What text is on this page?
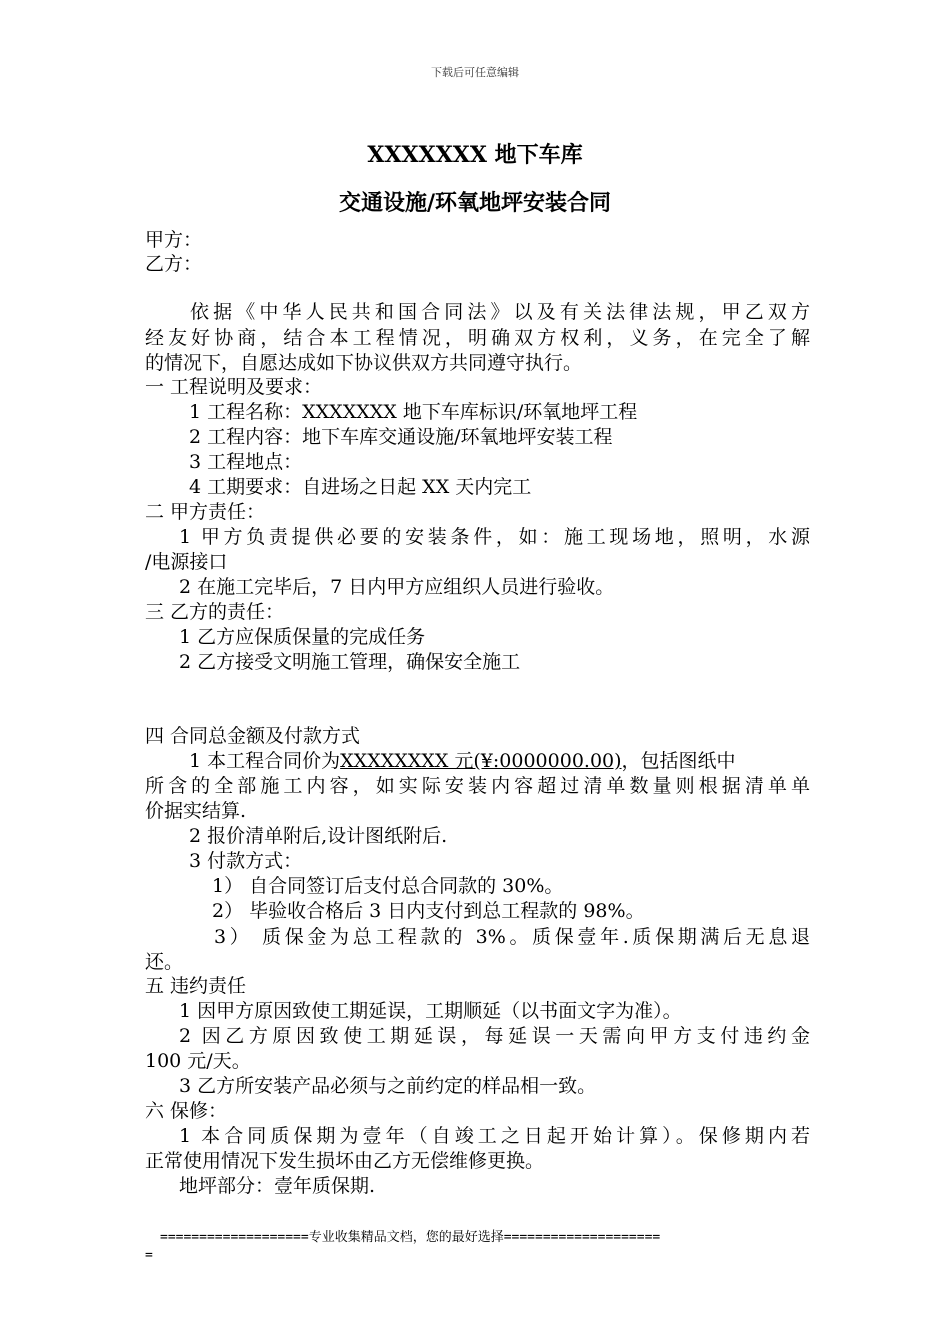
下载后可任意编辑
XXXXXXX 地下车库
交通设施/环氧地坪安装合同
甲方：
乙方：
依据《中华人民共和国合同法》以及有关法律法规，甲乙双方
经友好协商，结合本工程情况，明确双方权利，义务，在完全了解
的情况下，自愿达成如下协议供双方共同遵守执行。
一 工程说明及要求：
1 工程名称：XXXXXXX 地下车库标识/环氧地坪工程
2 工程内容：地下车库交通设施/环氧地坪安装工程
3 工程地点：
4 工期要求：自进场之日起 XX 天内完工
二 甲方责任：
1 甲方负责提供必要的安装条件，如：施工现场地，照明，水源
/电源接口
2 在施工完毕后，7 日内甲方应组织人员进行验收。
三 乙方的责任：
1 乙方应保质保量的完成任务
2 乙方接受文明施工管理，确保安全施工
四 合同总金额及付款方式
1 本工程合同价为XXXXXXXX 元(¥:0000000.00)，包括图纸中
所含的全部施工内容，如实际安装内容超过清单数量则根据清单单
价据实结算.
2 报价清单附后,设计图纸附后.
3 付款方式：
1） 自合同签订后支付总合同款的 30%。
2） 毕验收合格后 3 日内支付到总工程款的 98%。
3） 质保金为总工程款的 3%。质保壹年.质保期满后无息退
还。
五 违约责任
1 因甲方原因致使工期延误，工期顺延（以书面文字为准）。
2 因乙方原因致使工期延误，每延误一天需向甲方支付违约金
100 元/天。
3 乙方所安装产品必须与之前约定的样品相一致。
六 保修：
1 本合同质保期为壹年（自竣工之日起开始计算）。保修期内若
正常使用情况下发生损坏由乙方无偿维修更换。
地坪部分：壹年质保期.
===================专业收集精品文档，您的最好选择====================
=
